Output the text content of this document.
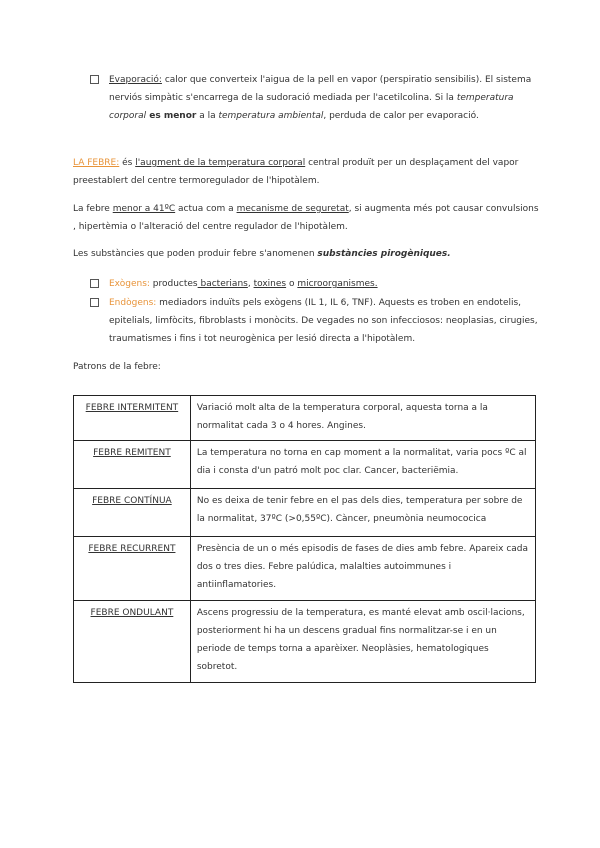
Evaporació: calor que converteix l'aigua de la pell en vapor (perspiratio sensibilis). El sistema nerviós simpàtic s'encarrega de la sudoració mediada per l'acetilcolina. Si la temperatura corporal es menor a la temperatura ambiental, perduda de calor per evaporació.

LA FEBRE: és l'augment de la temperatura corporal central produït per un desplaçament del vapor preestablert del centre termoregulador de l'hipotàlem.

La febre menor a 41ºC actua com a mecanisme de seguretat, si augmenta més pot causar convulsions , hipertèmia o l'alteració del centre regulador de l'hipotàlem.

Les substàncies que poden produir febre s'anomenen substàncies pirogèniques.

Exògens: productes bacterians, toxines o microorganismes.
Endògens: mediadors induïts pels exògens (IL 1, IL 6, TNF). Aquests es troben en endotelis, epitelials, limfòcits, fibroblasts i monòcits. De vegades no son infecciosos: neoplasias, cirugies, traumatismes i fins i tot neurogènica per lesió directa a l'hipotàlem.

Patrons de la febre:

FEBRE INTERMITENT	Variació molt alta de la temperatura corporal, aquesta torna a la normalitat cada 3 o 4 hores. Angines.
FEBRE REMITENT	La temperatura no torna en cap moment a la normalitat, varia pocs ºC al dia i consta d'un patró molt poc clar. Cancer, bacteriëmia.
FEBRE CONTÍNUA	No es deixa de tenir febre en el pas dels dies, temperatura per sobre de la normalitat, 37ºC (>0,55ºC). Càncer, pneumònia neumococica
FEBRE RECURRENT	Presència de un o més episodis de fases de dies amb febre. Apareix cada dos o tres dies. Febre palúdica, malalties autoimmunes i antiinflamatories.
FEBRE ONDULANT	Ascens progressiu de la temperatura, es manté elevat amb oscil·lacions, posteriorment hi ha un descens gradual fins normalitzar-se i en un periode de temps torna a aparèixer. Neoplàsies, hematologiques sobretot.
